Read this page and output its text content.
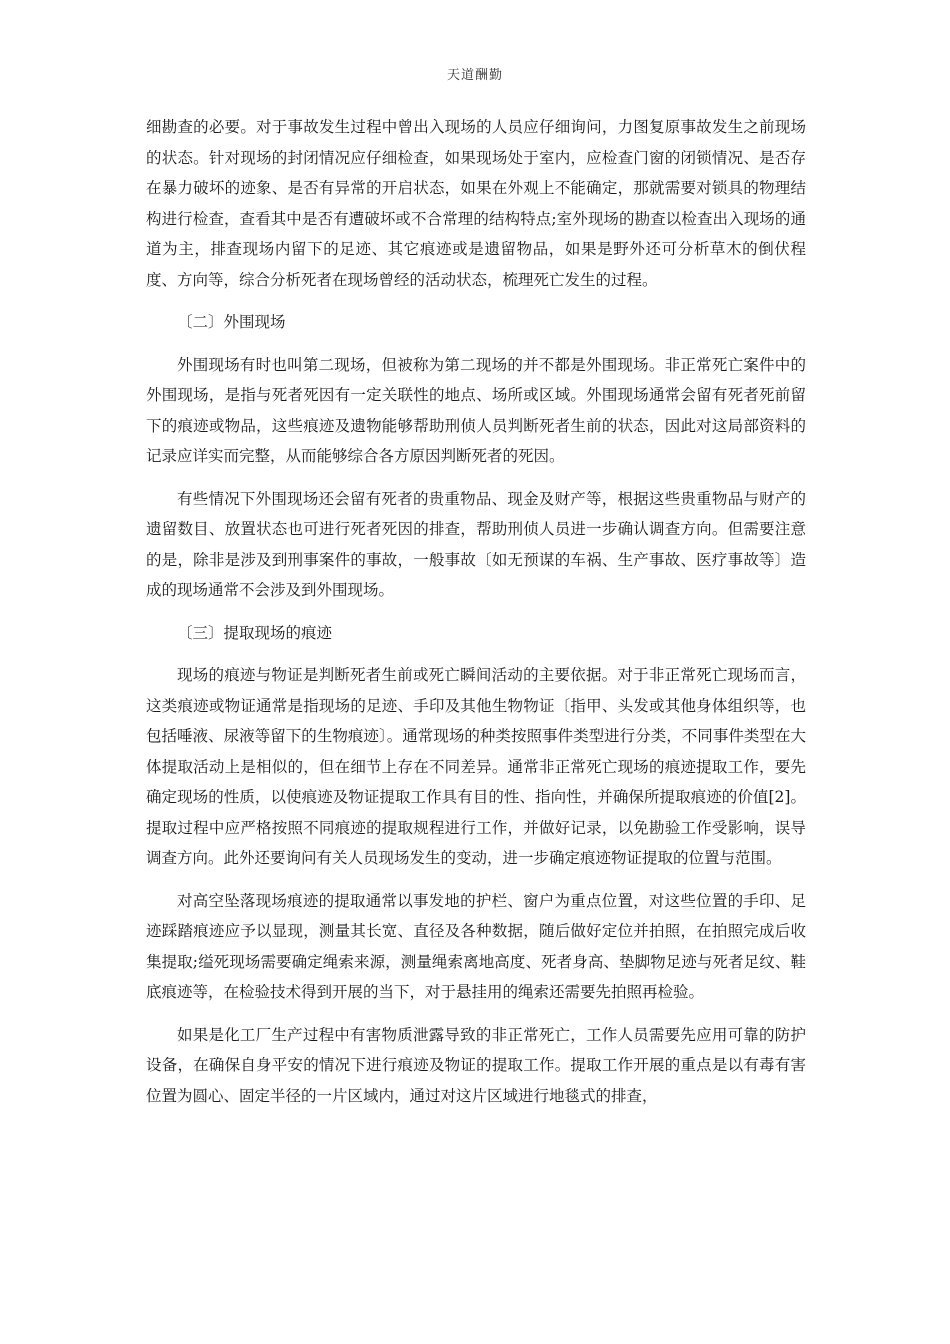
天道酬勤

细勘查的必要。对于事故发生过程中曾出入现场的人员应仔细询问，力图复原事故发生之前现场的状态。针对现场的封闭情况应仔细检查，如果现场处于室内，应检查门窗的闭锁情况、是否存在暴力破坏的迹象、是否有异常的开启状态，如果在外观上不能确定，那就需要对锁具的物理结构进行检查，查看其中是否有遭破坏或不合常理的结构特点;室外现场的勘查以检查出入现场的通道为主，排查现场内留下的足迹、其它痕迹或是遗留物品，如果是野外还可分析草木的倒伏程度、方向等，综合分析死者在现场曾经的活动状态，梳理死亡发生的过程。

〔二〕外围现场

外围现场有时也叫第二现场，但被称为第二现场的并不都是外围现场。非正常死亡案件中的外围现场，是指与死者死因有一定关联性的地点、场所或区域。外围现场通常会留有死者死前留下的痕迹或物品，这些痕迹及遗物能够帮助刑侦人员判断死者生前的状态，因此对这局部资料的记录应详实而完整，从而能够综合各方原因判断死者的死因。

有些情况下外围现场还会留有死者的贵重物品、现金及财产等，根据这些贵重物品与财产的遗留数目、放置状态也可进行死者死因的排查，帮助刑侦人员进一步确认调查方向。但需要注意的是，除非是涉及到刑事案件的事故，一般事故〔如无预谋的车祸、生产事故、医疗事故等〕造成的现场通常不会涉及到外围现场。

〔三〕提取现场的痕迹

现场的痕迹与物证是判断死者生前或死亡瞬间活动的主要依据。对于非正常死亡现场而言，这类痕迹或物证通常是指现场的足迹、手印及其他生物物证〔指甲、头发或其他身体组织等，也包括唾液、尿液等留下的生物痕迹〕。通常现场的种类按照事件类型进行分类，不同事件类型在大体提取活动上是相似的，但在细节上存在不同差异。通常非正常死亡现场的痕迹提取工作，要先确定现场的性质，以使痕迹及物证提取工作具有目的性、指向性，并确保所提取痕迹的价值[2]。提取过程中应严格按照不同痕迹的提取规程进行工作，并做好记录，以免勘验工作受影响，误导调查方向。此外还要询问有关人员现场发生的变动，进一步确定痕迹物证提取的位置与范围。

对高空坠落现场痕迹的提取通常以事发地的护栏、窗户为重点位置，对这些位置的手印、足迹踩踏痕迹应予以显现，测量其长宽、直径及各种数据，随后做好定位并拍照，在拍照完成后收集提取;缢死现场需要确定绳索来源，测量绳索离地高度、死者身高、垫脚物足迹与死者足纹、鞋底痕迹等，在检验技术得到开展的当下，对于悬挂用的绳索还需要先拍照再检验。

如果是化工厂生产过程中有害物质泄露导致的非正常死亡，工作人员需要先应用可靠的防护设备，在确保自身平安的情况下进行痕迹及物证的提取工作。提取工作开展的重点是以有毒有害位置为圆心、固定半径的一片区域内，通过对这片区域进行地毯式的排查，
